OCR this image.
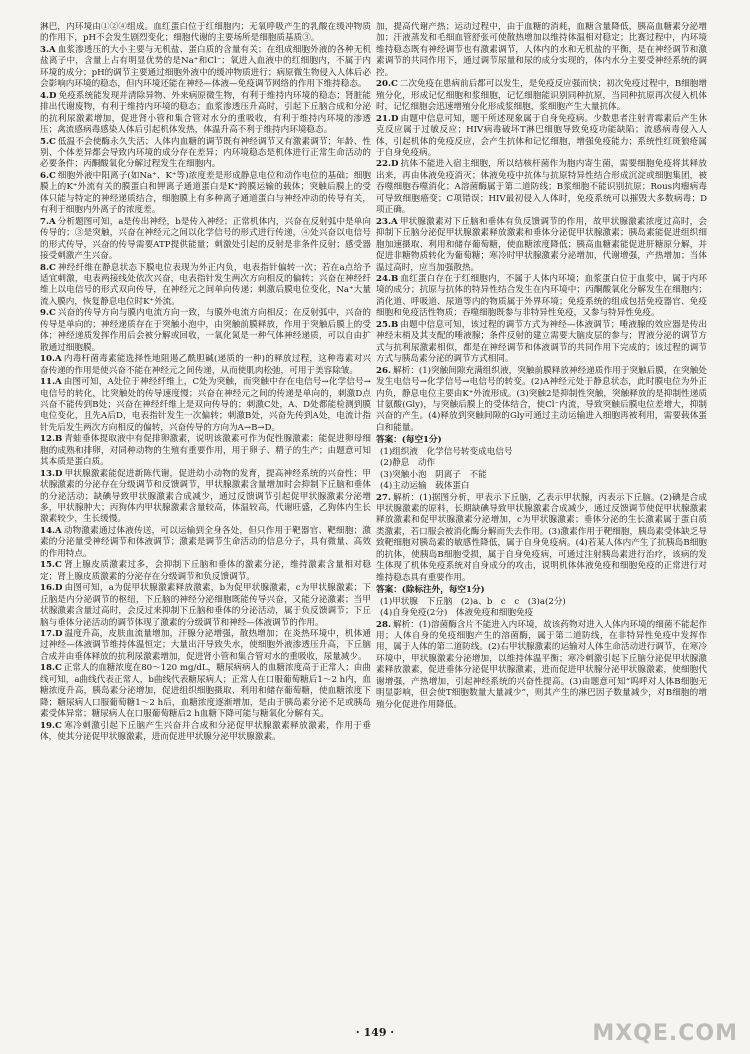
淋巴，内环境由①②④组成。血红蛋白位于红细胞内；无氧呼吸产生的乳酸在缓冲物质的作用下，pH不会发生剧烈变化；细胞代谢的主要场所是细胞质基质③。
3.A 血浆渗透压的大小主要与无机盐、蛋白质的含量有关；在组成细胞外液的各种无机盐离子中，含量上占有明显优势的是Na⁺和Cl⁻；氧进入血液中的红细胞内，不属于内环境的成分；pH的调节主要通过细胞外液中的缓冲物质进行；病原微生物侵入人体后必会影响内环境的稳态，但内环境还能在神经—体液—免疫调节网络的作用下维持稳态。
4.D 免疫系统能发现并清除异物、外来病原微生物，有利于维持内环境的稳态；肾脏能排出代谢废物，有利于维持内环境的稳态；血浆渗透压升高时，引起下丘脑合成和分泌的抗利尿激素增加，促进肾小管和集合管对水分的重吸收，有利于维持内环境的渗透压；禽流感病毒感染人体后引起机体发热，体温升高不利于维持内环境稳态。
5.C 低温不会使酶永久失活；人体内血糖的调节既有神经调节又有激素调节；年龄、性别、个体差异都会导致内环境的成分存在差异；内环境稳态是机体进行正常生命活动的必要条件；丙酮酸氧化分解过程发生在细胞内。
6.C 细胞外液中阳离子(如Na⁺、K⁺等)浓度差是形成静息电位和动作电位的基础；细胞膜上的K⁺外流有关的膜蛋白和钾离子通道蛋白是K⁺跨膜运输的载体；突触后膜上的受体只能与特定的神经递质结合，细胞膜上有多种离子通道蛋白与神经冲动的传导有关，有利于细胞内外离子的浓度差。
7.A 分析题图可知，a是传出神经，b是传入神经；正常机体内，兴奋在反射弧中是单向传导的；③是突触，兴奋在神经元之间以化学信号的形式进行传递，④处兴奋以电信号的形式传导，兴奋的传导需要ATP提供能量；刺激处引起的反射是非条件反射；感受器接受刺激产生兴奋。
8.C 神经纤维在静息状态下膜电位表现为外正内负，电表指针偏转一次；若在a点给予适宜刺激，电表两接线处依次兴奋，电表指针发生两次方向相反的偏转；兴奋在神经纤维上以电信号的形式双向传导，在神经元之间单向传递；刺激后膜电位变化，Na⁺大量流入膜内，恢复静息电位时K⁺外流。
9.C 兴奋的传导方向与膜内电流方向一致，与膜外电流方向相反；在反射弧中，兴奋的传导是单向的；神经递质存在于突触小泡中，由突触前膜释放，作用于突触后膜上的受体；神经递质发挥作用后会被分解或回收，一氧化氮是一种气体神经递质，可以自由扩散通过细胞膜。
10.A 内毒杆菌毒素能选择性地阻遏乙酰胆碱(递质的一种)的释放过程，这种毒素对兴奋传递的作用是使兴奋不能在神经元之间传递，从而使肌肉松弛，可用于美容除皱。
11.A 由图可知，A处位于神经纤维上，C处为突触，而突触中存在电信号→化学信号→电信号的转化，比突触处的传导速度慢；兴奋在神经元之间的传递是单向的，刺激D点兴奋不能传到B处；兴奋在神经纤维上是双向传导的；刺激C处，A、D处都能检测到膜电位变化，且先A后D，电表指针发生一次偏转；刺激B处，兴奋先传到A处，电流计指针先后发生两次方向相反的偏转，兴奋传导的方向为A→B→D。
12.B 青蛙垂体提取液中有促排卵激素，说明该激素可作为促性腺激素；能促进卵母细胞的成熟和排卵，对同种动物的生殖有重要作用，用于卵子、精子的生产；由题意可知其本质是蛋白质。
13.D 甲状腺激素能促进新陈代谢，促进幼小动物的发育，提高神经系统的兴奋性；甲状腺激素的分泌存在分级调节和反馈调节，甲状腺激素含量增加时会抑制下丘脑和垂体的分泌活动；缺碘导致甲状腺激素合成减少，通过反馈调节引起促甲状腺激素分泌增多，甲状腺肿大；丙狗体内甲状腺激素含量较高，体温较高，代谢旺盛，乙狗体内生长激素较少，生长缓慢。
14.A 动物激素通过体液传送，可以运输到全身各处，但只作用于靶器官、靶细胞；激素的分泌量受神经调节和体液调节；激素是调节生命活动的信息分子，具有微量、高效的作用特点。
15.C 肾上腺皮质激素过多，会抑制下丘脑和垂体的激素分泌，维持激素含量相对稳定；肾上腺皮质激素的分泌存在分级调节和负反馈调节。
16.D 由图可知，a为促甲状腺激素释放激素，b为促甲状腺激素，c为甲状腺激素；下丘脑是内分泌调节的枢纽，下丘脑的神经分泌细胞既能传导兴奋，又能分泌激素；当甲状腺激素含量过高时，会反过来抑制下丘脑和垂体的分泌活动，属于负反馈调节；下丘脑与垂体分泌活动的调节体现了激素的分级调节和神经—体液调节的作用。
17.D 温度升高，皮肤血流量增加，汗腺分泌增强，散热增加；在炎热环境中，机体通过神经—体液调节维持体温恒定；大量出汗导致失水，使细胞外液渗透压升高，下丘脑合成并由垂体释放的抗利尿激素增加，促进肾小管和集合管对水的重吸收，尿量减少。
18.C 正常人的血糖浓度在80～120 mg/dL，糖尿病病人的血糖浓度高于正常人；由曲线可知，a曲线代表正常人，b曲线代表糖尿病人；正常人在口服葡萄糖后1～2 h内，血糖浓度升高，胰岛素分泌增加，促进组织细胞摄取、利用和储存葡萄糖，使血糖浓度下降；糖尿病人口服葡萄糖1～2 h后，血糖浓度逐渐增加，是由于胰岛素分泌不足或胰岛素受体异常；糖尿病人在口服葡萄糖后2 h血糖下降可能与糖氧化分解有关。
19.C 寒冷刺激引起下丘脑产生兴奋并合成和分泌促甲状腺激素释放激素，作用于垂体，使其分泌促甲状腺激素，进而促进甲状腺分泌甲状腺激素。
加，提高代谢产热；运动过程中，由于血糖的消耗，血糖含量降低，胰高血糖素分泌增加；汗液蒸发和毛细血管舒张可使散热增加以维持体温相对稳定；比赛过程中，内环境维持稳态既有神经调节也有激素调节，人体内的水和无机盐的平衡，是在神经调节和激素调节的共同作用下，通过调节尿量和尿的成分实现的，体内水分主要受神经系统的调控。
20.C 二次免疫在患病前后都可以发生，是免疫反应强而快；初次免疫过程中，B细胞增殖分化，形成记忆细胞和浆细胞，记忆细胞能识别同种抗原，当同种抗原再次侵入机体时，记忆细胞会迅速增殖分化形成浆细胞，浆细胞产生大量抗体。
21.D 由题中信息可知，题干所述现象属于自身免疫病。少数患者注射青霉素后产生休克反应属于过敏反应；HIV病毒破坏T淋巴细胞导致免疫功能缺陷；流感病毒侵入人体，引起机体的免疫反应，会产生抗体和记忆细胞，增强免疫能力；系统性红斑狼疮属于自身免疫病。
22.D 抗体不能进入宿主细胞，所以结核杆菌作为胞内寄生菌，需要细胞免疫将其释放出来，再由体液免疫消灭；体液免疫中抗体与抗原特异性结合形成沉淀或细胞集团，被吞噬细胞吞噬消化；A溶菌酶属于第二道防线；B浆细胞不能识别抗原；Rous肉瘤病毒可导致细胞癌变；C项错误；HIV最初侵入人体时，免疫系统可以摧毁大多数病毒；D项正确。
23.A 甲状腺激素对下丘脑和垂体有负反馈调节的作用，故甲状腺激素浓度过高时，会抑制下丘脑分泌促甲状腺激素释放激素和垂体分泌促甲状腺激素；胰岛素能促进组织细胞加速摄取、利用和储存葡萄糖，使血糖浓度降低；胰高血糖素能促进肝糖原分解，并促进非糖物质转化为葡萄糖；寒冷时甲状腺激素分泌增加，代谢增强，产热增加；当体温过高时，应当加强散热。
24.B 血红蛋白存在于红细胞内，不属于人体内环境；血浆蛋白位于血浆中，属于内环境的成分；抗原与抗体的特异性结合发生在内环境中；丙酮酸氧化分解发生在细胞内；消化道、呼吸道、尿道等内的物质属于外界环境；免疫系统的组成包括免疫器官、免疫细胞和免疫活性物质；吞噬细胞既参与非特异性免疫，又参与特异性免疫。
25.B 由题中信息可知，该过程的调节方式为神经—体液调节；唾液腺的效应器是传出神经末梢及其支配的唾液腺；条件反射的建立需要大脑皮层的参与；胃液分泌的调节方式与抗利尿激素相似，都是在神经调节和体液调节的共同作用下完成的；该过程的调节方式与胰岛素分泌的调节方式相同。
26. 解析：(1)突触间隙充满组织液，突触前膜释放神经递质作用于突触后膜，在突触处发生电信号→化学信号→电信号的转变。(2)A神经元处于静息状态，此时膜电位为外正内负，静息电位主要由K⁺外流形成。(3)突触2是抑制性突触，突触释放的是抑制性递质甘氨酸(Gly)，与突触后膜上的受体结合，使Cl⁻内流，导致突触后膜电位差增大，抑制兴奋的产生。(4)释放到突触间隙的Gly可通过主动运输进入细胞再被利用，需要载体蛋白和能量。
答案：(每空1分)
(1)组织液　化学信号转变成电信号
(2)静息　动作
(3)突触小泡　阴离子　不能
(4)主动运输　载体蛋白
27. 解析：(1)据图分析，甲表示下丘脑，乙表示甲状腺，丙表示下丘脑。(2)碘是合成甲状腺激素的原料，长期缺碘导致甲状腺激素合成减少，通过反馈调节使促甲状腺激素释放激素和促甲状腺激素分泌增加，c为甲状腺激素；垂体分泌的生长激素属于蛋白质类激素，若口服会被消化酶分解而失去作用。(3)激素作用于靶细胞，胰岛素受体缺乏导致靶细胞对胰岛素的敏感性降低，属于自身免疫病。(4)若某人体内产生了抗胰岛B细胞的抗体，使胰岛B细胞受损，属于自身免疫病，可通过注射胰岛素进行治疗，该病的发生体现了机体免疫系统对自身成分的攻击，说明机体体液免疫和细胞免疫的正常进行对维持稳态具有重要作用。
答案：(除标注外，每空1分)
(1)甲状腺　下丘脑　(2)a、b　c　c　(3)a(2分)
(4)自身免疫(2分)　体液免疫和细胞免疫
28. 解析：(1)溶菌酶含片不能进入内环境，故该药物对进入人体内环境的细菌不能起作用；人体自身的免疫细胞产生的溶菌酶，属于第二道防线，在非特异性免疫中发挥作用，属于人体的第二道防线。(2)右甲状腺激素的运输对人体生命活动进行调节，在寒冷环境中，甲状腺激素分泌增加，以维持体温平衡；寒冷刺激引起下丘脑分泌促甲状腺激素释放激素，促进垂体分泌促甲状腺激素，进而促进甲状腺分泌甲状腺激素，使细胞代谢增强，产热增加，引起神经系统的兴奋性提高。(3)由题意可知“呜呼对人体B细胞无明显影响，但会使T细胞数量大量减少”，则其产生的淋巴因子数量减少，对B细胞的增殖分化促进作用降低。
· 149 ·	MXQE.COM
